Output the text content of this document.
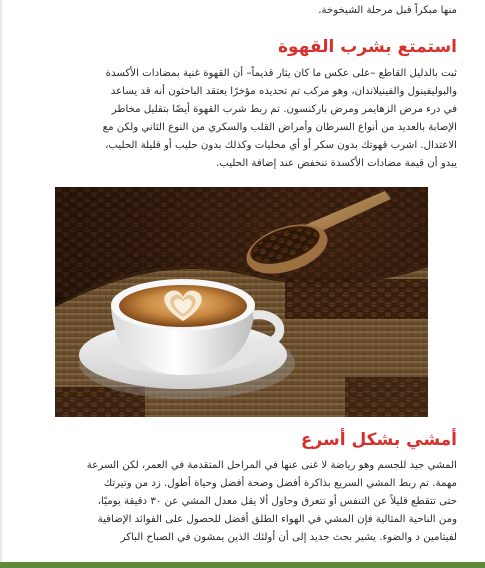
منها مبكراً قبل مرحلة الشيخوخة.
استمتع بشرب القهوة
ثبت بالدليل القاطع –على عكس ما كان يثار قديماً– أن القهوة غنية بمضادات الأكسدة
والبوليفينول والفينيلاندان، وهو مركب تم تحديده مؤخرًا يعتقد الباحثون أنه قد يساعد
في درء مرض الزهايمر ومرض باركنسون. تم ربط شرب القهوة أيضًا بتقليل مخاطر
الإصابة بالعديد من أنواع السرطان وأمراض القلب والسكري من النوع الثاني ولكن مع
الاعتدال. اشرب قهوتك بدون سكر أو أي محليات وكذلك بدون حليب أو قليلة الحليب،
يبدو أن قيمة مضادات الأكسدة تنخفض عند إضافة الحليب.
أمشي بشكل أسرع
المشي جيد للجسم وهو رياضة لا غنى عنها في المراحل المتقدمة في العمر، لكن السرعة
مهمة. تم ربط المشي السريع بذاكرة أفضل وصحة أفضل وحياة أطول. زد من وتيرتك
حتى تتقطع قليلاً عن التنفس أو تتعرق وحاول ألا يقل معدل المشي عن ٣٠ دقيقة يوميًا،
ومن الناحية المثالية فإن المشي في الهواء الطلق أفضل للحصول على الفوائد الإضافية
لفيتامين د والضوء. يشير بحث جديد إلى أن أولئك الذين يمشون في الصباح الباكر
